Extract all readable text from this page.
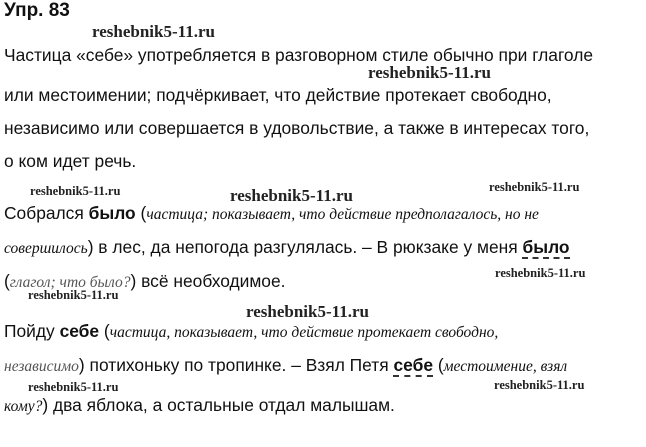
Упр. 83
reshebnik5-11.ru
reshebnik5-11.ru
reshebnik5-11.ru	reshebnik5-11.ru	reshebnik5-11.ru
reshebnik5-11.ru
reshebnik5-11.ru
reshebnik5-11.ru
reshebnik5-11.ru	reshebnik5-11.ru
Частица «себе» употребляется в разговорном стиле обычно при глаголе
или местоимении; подчёркивает, что действие протекает свободно,
независимо или совершается в удовольствие, а также в интересах того,
о ком идет речь.
Собрался было (частица; показывает, что действие предполагалось, но не
совершилось) в лес, да непогода разгулялась. – В рюкзаке у меня было
(глагол; что было?) всё необходимое.
Пойду себе (частица, показывает, что действие протекает свободно,
независимо) потихоньку по тропинке. – Взял Петя себе (местоимение, взял
кому?) два яблока, а остальные отдал малышам.
